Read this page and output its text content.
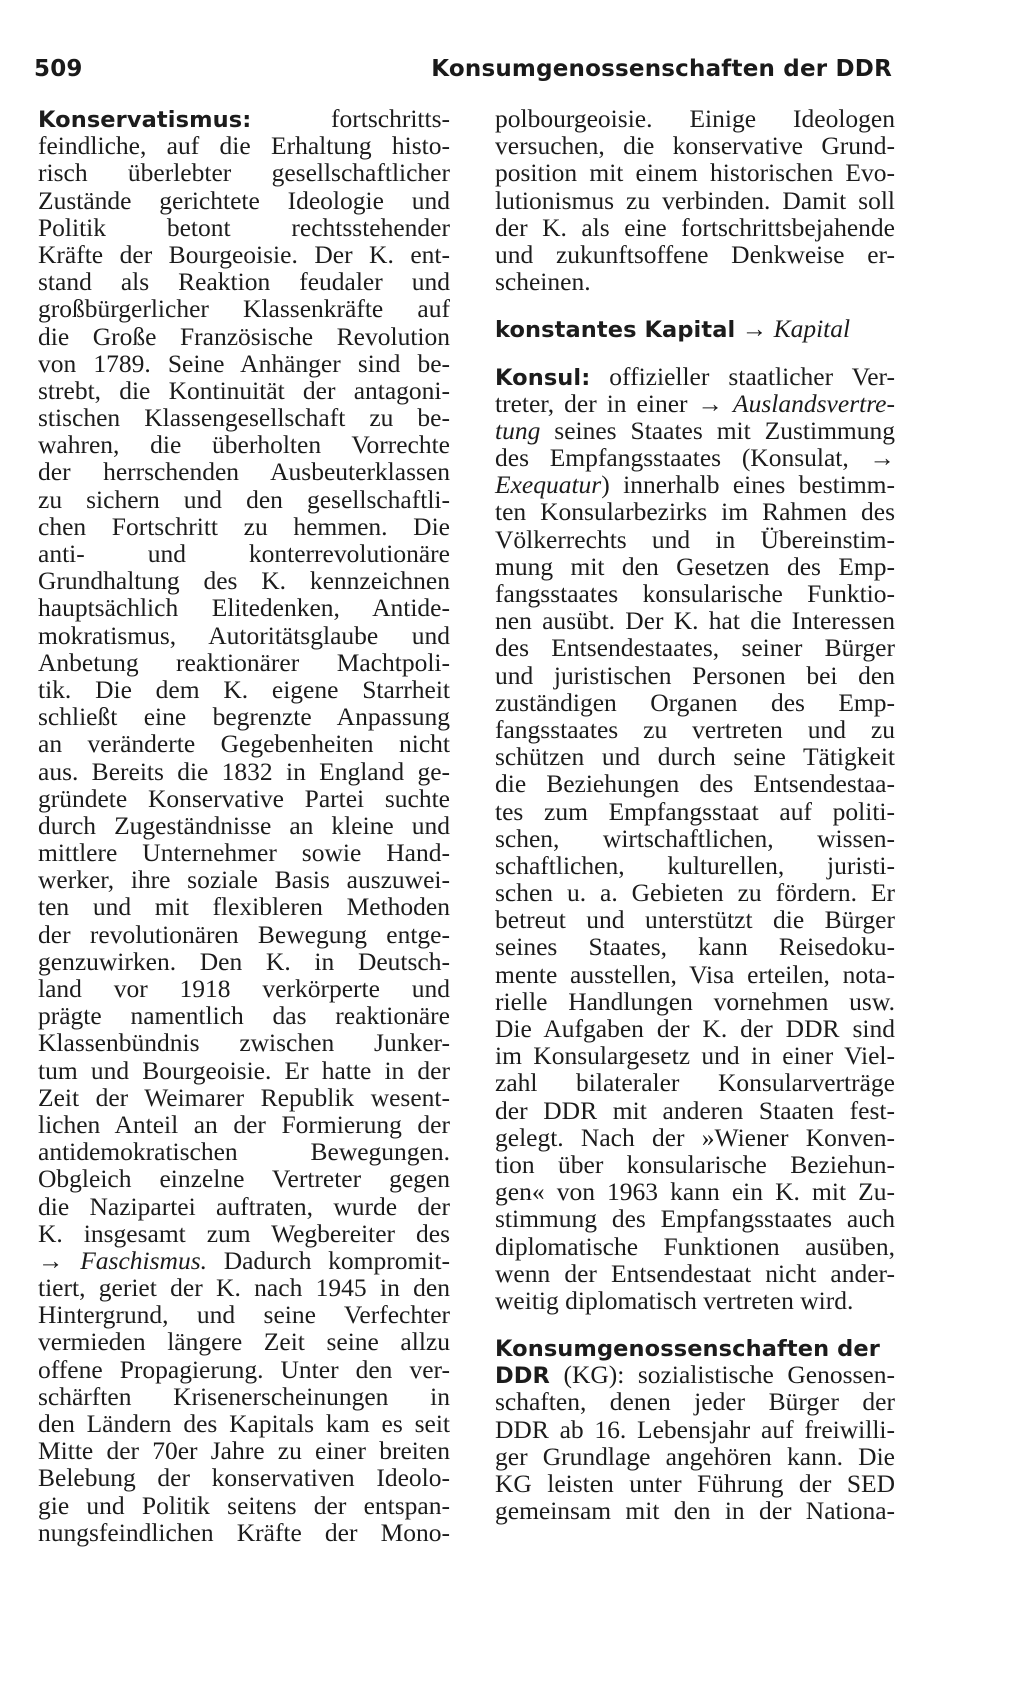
509	Konsumgenossenschaften der DDR
Konservatismus: fortschritts-
feindliche, auf die Erhaltung histo-
risch überlebter gesellschaftlicher
Zustände gerichtete Ideologie und
Politik betont rechtsstehender
Kräfte der Bourgeoisie. Der K. ent-
stand als Reaktion feudaler und
großbürgerlicher Klassenkräfte auf
die Große Französische Revolution
von 1789. Seine Anhänger sind be-
strebt, die Kontinuität der antagoni-
stischen Klassengesellschaft zu be-
wahren, die überholten Vorrechte
der herrschenden Ausbeuterklassen
zu sichern und den gesellschaftli-
chen Fortschritt zu hemmen. Die
anti- und konterrevolutionäre
Grundhaltung des K. kennzeichnen
hauptsächlich Elitedenken, Antide-
mokratismus, Autoritätsglaube und
Anbetung reaktionärer Machtpoli-
tik. Die dem K. eigene Starrheit
schließt eine begrenzte Anpassung
an veränderte Gegebenheiten nicht
aus. Bereits die 1832 in England ge-
gründete Konservative Partei suchte
durch Zugeständnisse an kleine und
mittlere Unternehmer sowie Hand-
werker, ihre soziale Basis auszuwei-
ten und mit flexibleren Methoden
der revolutionären Bewegung entge-
genzuwirken. Den K. in Deutsch-
land vor 1918 verkörperte und
prägte namentlich das reaktionäre
Klassenbündnis zwischen Junker-
tum und Bourgeoisie. Er hatte in der
Zeit der Weimarer Republik wesent-
lichen Anteil an der Formierung der
antidemokratischen Bewegungen.
Obgleich einzelne Vertreter gegen
die Nazipartei auftraten, wurde der
K. insgesamt zum Wegbereiter des
→ Faschismus. Dadurch kompromit-
tiert, geriet der K. nach 1945 in den
Hintergrund, und seine Verfechter
vermieden längere Zeit seine allzu
offene Propagierung. Unter den ver-
schärften Krisenerscheinungen in
den Ländern des Kapitals kam es seit
Mitte der 70er Jahre zu einer breiten
Belebung der konservativen Ideolo-
gie und Politik seitens der entspan-
nungsfeindlichen Kräfte der Mono-
polbourgeoisie. Einige Ideologen
versuchen, die konservative Grund-
position mit einem historischen Evo-
lutionismus zu verbinden. Damit soll
der K. als eine fortschrittsbejahende
und zukunftsoffene Denkweise er-
scheinen.
konstantes Kapital → Kapital
Konsul: offizieller staatlicher Ver-
treter, der in einer → Auslandsvertre-
tung seines Staates mit Zustimmung
des Empfangsstaates (Konsulat, →
Exequatur) innerhalb eines bestimm-
ten Konsularbezirks im Rahmen des
Völkerrechts und in Übereinstim-
mung mit den Gesetzen des Emp-
fangsstaates konsularische Funktio-
nen ausübt. Der K. hat die Interessen
des Entsendestaates, seiner Bürger
und juristischen Personen bei den
zuständigen Organen des Emp-
fangsstaates zu vertreten und zu
schützen und durch seine Tätigkeit
die Beziehungen des Entsendestaa-
tes zum Empfangsstaat auf politi-
schen, wirtschaftlichen, wissen-
schaftlichen, kulturellen, juristi-
schen u. a. Gebieten zu fördern. Er
betreut und unterstützt die Bürger
seines Staates, kann Reisedoku-
mente ausstellen, Visa erteilen, nota-
rielle Handlungen vornehmen usw.
Die Aufgaben der K. der DDR sind
im Konsulargesetz und in einer Viel-
zahl bilateraler Konsularverträge
der DDR mit anderen Staaten fest-
gelegt. Nach der »Wiener Konven-
tion über konsularische Beziehun-
gen« von 1963 kann ein K. mit Zu-
stimmung des Empfangsstaates auch
diplomatische Funktionen ausüben,
wenn der Entsendestaat nicht ander-
weitig diplomatisch vertreten wird.
Konsumgenossenschaften der
DDR (KG): sozialistische Genossen-
schaften, denen jeder Bürger der
DDR ab 16. Lebensjahr auf freiwilli-
ger Grundlage angehören kann. Die
KG leisten unter Führung der SED
gemeinsam mit den in der Nationa-
